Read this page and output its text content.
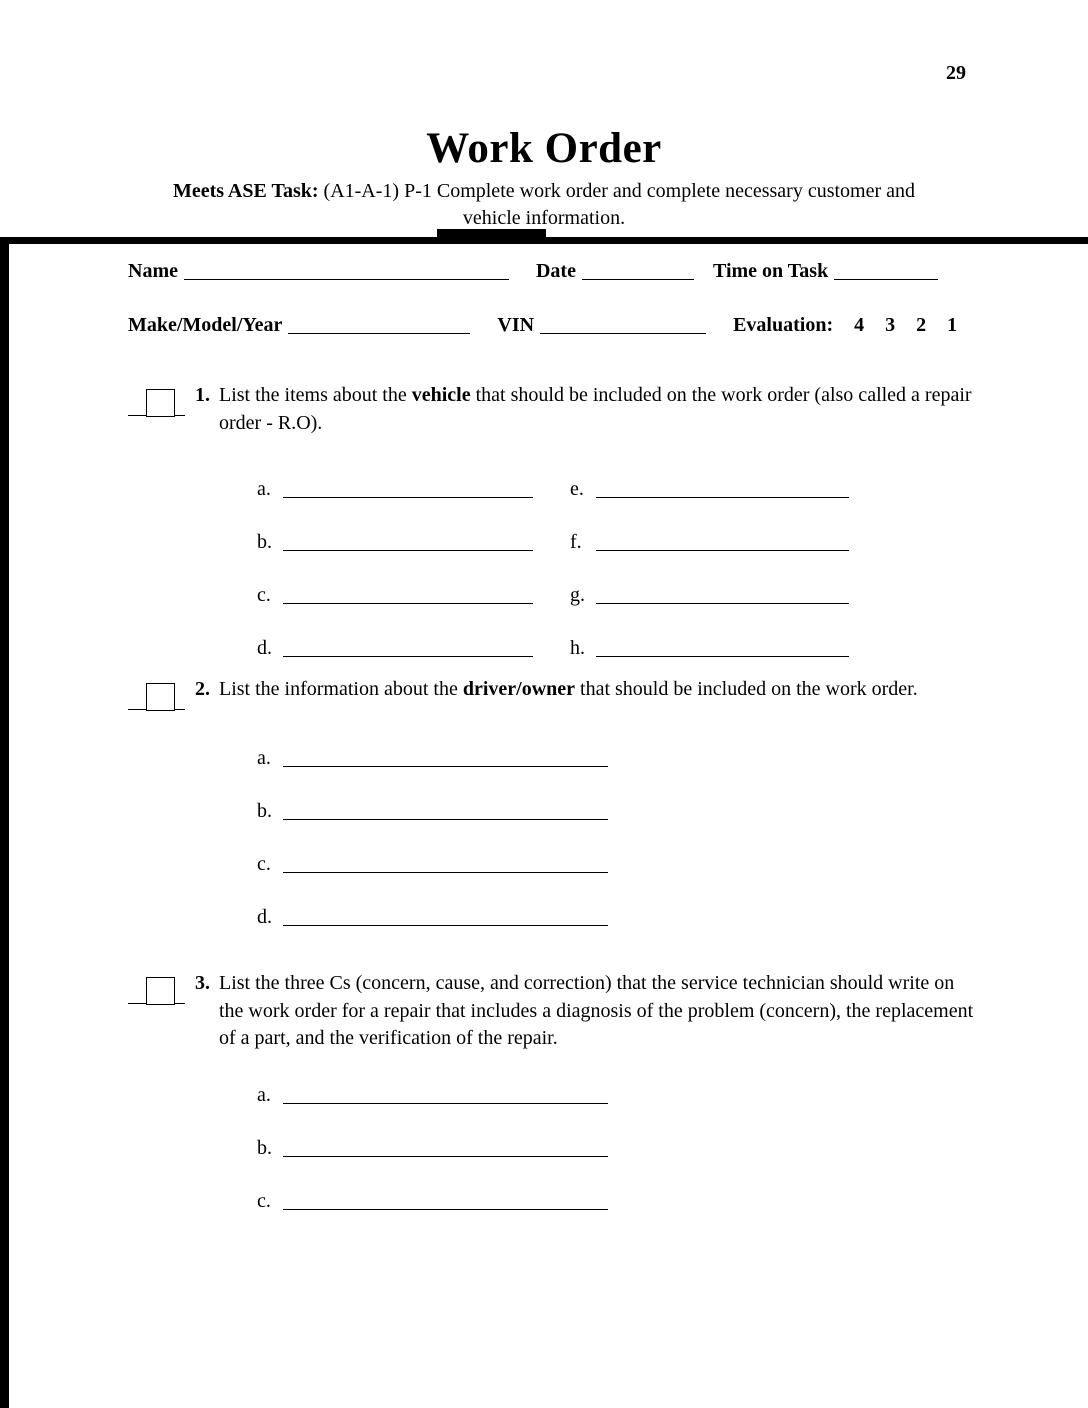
29
Work Order
Meets ASE Task: (A1-A-1) P-1 Complete work order and complete necessary customer and
vehicle information.
Name	Date	Time on Task
Make/Model/Year	VIN	Evaluation: 4 3 2 1
1. List the items about the vehicle that should be included on the work order (also called a repair order - R.O).
a.	e.
b.	f.
c.	g.
d.	h.
2. List the information about the driver/owner that should be included on the work order.
a.
b.
c.
d.
3. List the three Cs (concern, cause, and correction) that the service technician should write on the work order for a repair that includes a diagnosis of the problem (concern), the replacement of a part, and the verification of the repair.
a.
b.
c.
